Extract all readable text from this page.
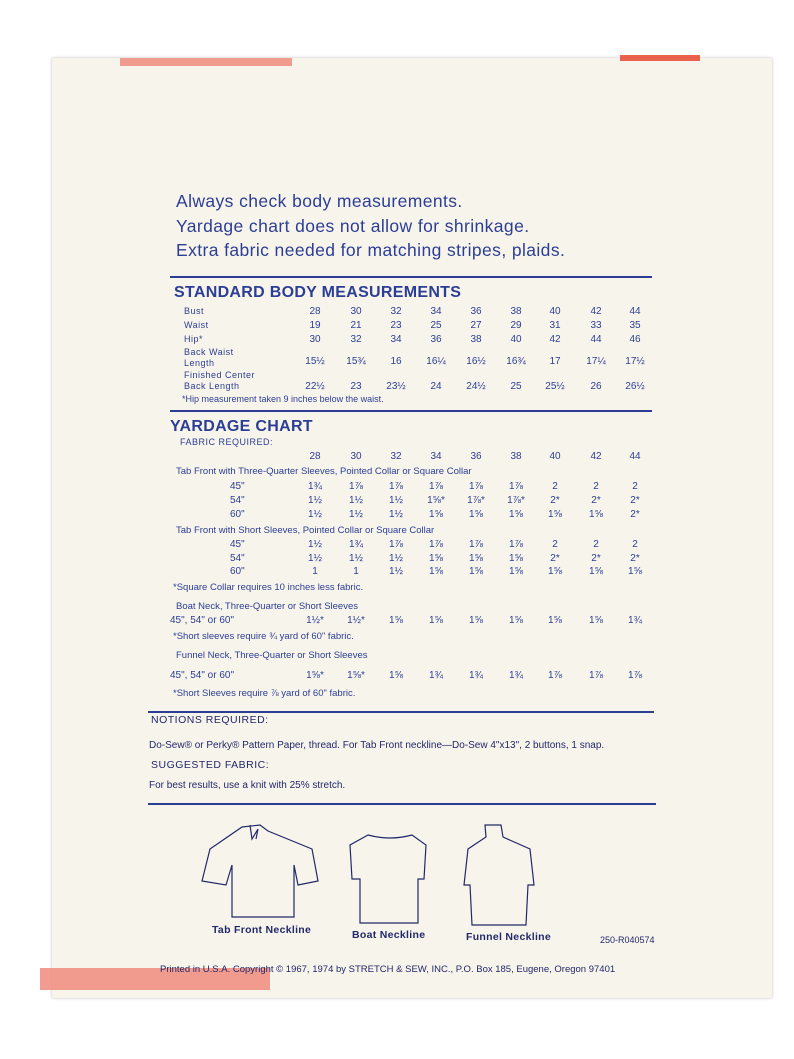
Always check body measurements.
Yardage chart does not allow for shrinkage.
Extra fabric needed for matching stripes, plaids.
STANDARD BODY MEASUREMENTS
Bust	28	30	32	34	36	38	40	42	44
Waist	19	21	23	25	27	29	31	33	35
Hip*	30	32	34	36	38	40	42	44	46
Back Waist
Length	15½	15¾	16	16¼	16½	16¾	17	17¼	17½
Finished Center
Back Length	22½	23	23½	24	24½	25	25½	26	26½
*Hip measurement taken 9 inches below the waist.
YARDAGE CHART
FABRIC REQUIRED:
28	30	32	34	36	38	40	42	44
Tab Front with Three-Quarter Sleeves, Pointed Collar or Square Collar
45"	1¾	1⅞	1⅞	1⅞	1⅞	1⅞	2	2	2
54"	1½	1½	1½	1⅝*	1⅞*	1⅞*	2*	2*	2*
60"	1½	1½	1½	1⅝	1⅝	1⅝	1⅝	1⅝	2*
Tab Front with Short Sleeves, Pointed Collar or Square Collar
45"	1½	1¾	1⅞	1⅞	1⅞	1⅞	2	2	2
54"	1½	1½	1½	1⅝	1⅝	1⅝	2*	2*	2*
60"	1	1	1½	1⅝	1⅝	1⅝	1⅝	1⅝	1⅝
*Square Collar requires 10 inches less fabric.
Boat Neck, Three-Quarter or Short Sleeves
45", 54" or 60"	1½*	1½*	1⅝	1⅝	1⅝	1⅝	1⅝	1⅝	1¾
*Short sleeves require ¾ yard of 60" fabric.
Funnel Neck, Three-Quarter or Short Sleeves
45", 54" or 60"	1⅝*	1⅝*	1⅝	1¾	1¾	1¾	1⅞	1⅞	1⅞
*Short Sleeves require ⅞ yard of 60" fabric.
NOTIONS REQUIRED:
Do-Sew® or Perky® Pattern Paper, thread. For Tab Front neckline—Do-Sew 4"x13", 2 buttons, 1 snap.
SUGGESTED FABRIC:
For best results, use a knit with 25% stretch.
Tab Front Neckline	Boat Neckline	Funnel Neckline	250-R040574
Printed in U.S.A. Copyright © 1967, 1974 by STRETCH & SEW, INC., P.O. Box 185, Eugene, Oregon 97401
